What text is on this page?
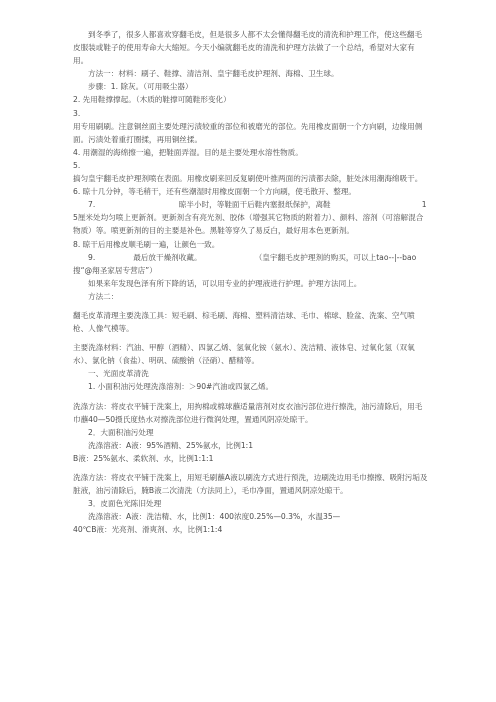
到冬季了，很多人都喜欢穿翻毛皮，但是很多人都不太会懂得翻毛皮的清洗和护理工作，使这些翻毛皮服装或鞋子的使用寿命大大缩短。今天小编就翻毛皮的清洗和护理方法做了一个总结，希望对大家有用。

方法一：材料：刷子、鞋撑、清洁剂、皇宇翻毛皮护理剂、海棉、卫生球。

步骤：1. 除灰。（可用吸尘器）

2. 先用鞋撑撑起。（木质的鞋撑可随鞋形变化）

3.

用专用刷刷。注意铜丝面主要处理污渍较重的部位和被磨光的部位。先用橡皮面朝一个方向刷，边缘用侧面。污渍处着重打圈揉，再用铜丝揉。

4. 用潮湿的海绵擦一遍，把鞋面弄湿。目的是主要处理水溶性物质。

5.

搞匀皇宇翻毛皮护理剂喷在表面。用橡皮刷来回反复刷使叶推两面的污渍都去除，脏处沫用潮海绵吸干。

6. 晾十几分钟，等毛稍干，还有些潮湿时用橡皮面朝一个方向刷，使毛散开、整理。

7.　　　　　　　　　　　晾半小时，等鞋面干后鞋内塞报纸保护，离鞋　　　　　　　　　　　　15厘米处均匀喷上更新剂。更新剂含有亮光剂、胶体（增强其它物质的附着力）、颜料、溶剂（可溶解混合物质）等。喷更新剂的目的主要是补色。黑鞋等穿久了易反白，最好用本色更新剂。

8. 晾干后用橡皮顺毛刷一遍，让颜色一致。

9.　　　　　最后放干燥剂收藏。　　　　　　　　（皇宇翻毛皮护理剂的购买，可以上tao--|--bao搜“@翔圣家居专营店”）

如果来年发现色泽有所下降的话，可以用专业的护理液进行护理。护理方法同上。

方法二：

翻毛皮革清理主要洗涤工具：短毛刷、棕毛刷、海棉、塑料清洁球、毛巾、棉球、脸盆、洗案、空气喷枪、人像气模等。

主要洗涤材料：汽油、甲醇（酒精）、四氯乙烯、氢氧化铵（氨水）、洗洁精、液体皂、过氧化氢（双氧水）、氯化钠（食盐）、明矾、硫酸钠（泾硝）、醋精等。

一、光面皮革清洗

1. 小面积油污处理洗涤溶剂：＞90#汽油或四氯乙烯。

洗涤方法：将皮衣平铺于洗案上，用拘棉或棉球蘸适量溶剂对皮衣油污部位进行擦洗，油污清除后，用毛巾蘸40—50摄氏度热水对擦洗部位进行微润处理，置通风阴凉处晾干。

2．大面积油污处理

洗涤溶液：A液：95%酒精、25%氨水，比例1:1

B液：25%氨水、柔软剂、水，比例1:1:1

洗涤方法：将皮衣平铺于洗案上，用短毛刷蘸A液以刷洗方式进行预洗，边刷洗边用毛巾擦擦、吸附污垢及脏液，油污清除后，腌B液二次清洗（方法同上），毛巾净面，置通风阴凉处晾干。

3．皮面色光陈旧处理

洗涤溶液：A液：洗洁精、水，比例1：400浓度0.25%—0.3%，水温35—

40℃B液：光亮剂、滑爽剂、水，比例1:1:4
